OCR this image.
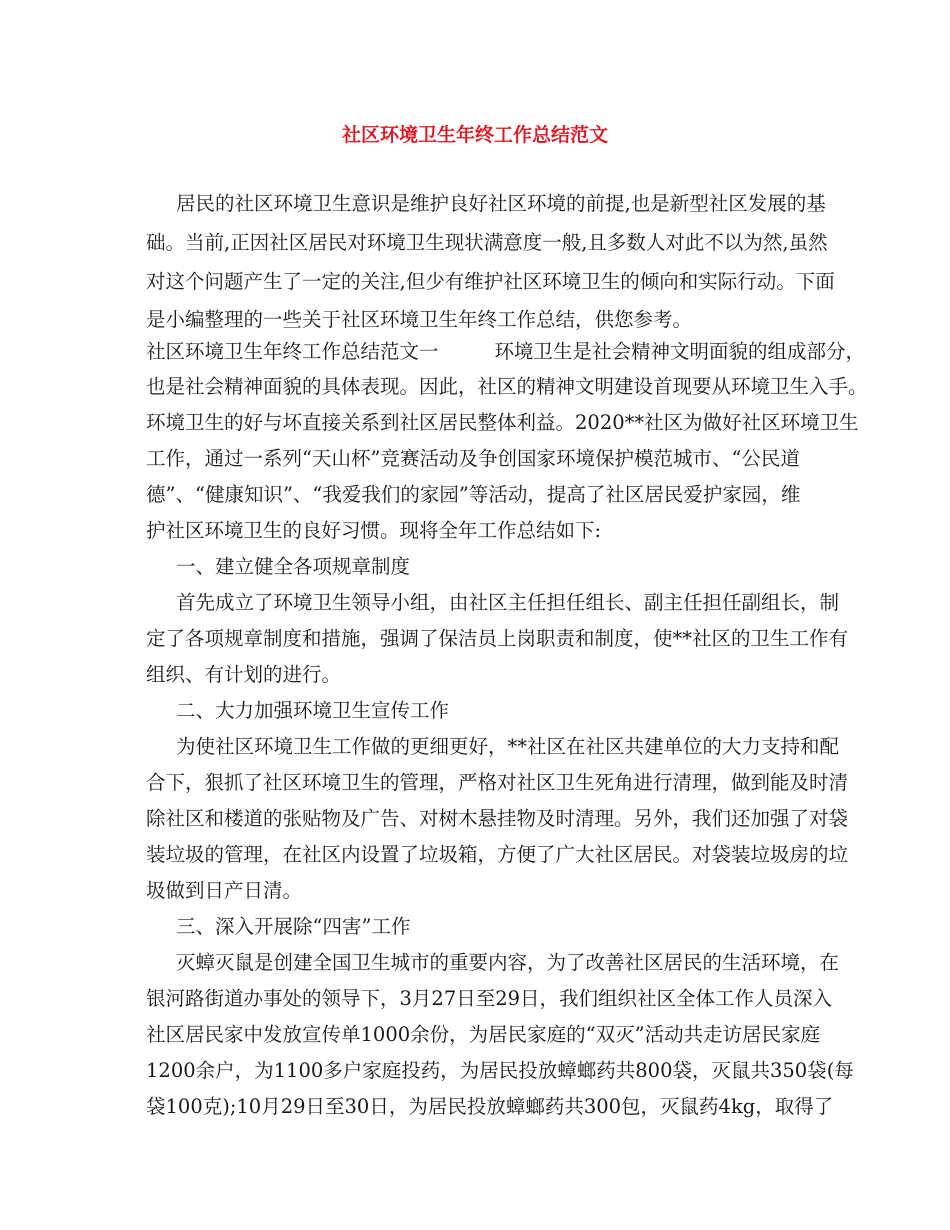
社区环境卫生年终工作总结范文

居民的社区环境卫生意识是维护良好社区环境的前提,也是新型社区发展的基

础。当前,正因社区居民对环境卫生现状满意度一般,且多数人对此不以为然,虽然

对这个问题产生了一定的关注,但少有维护社区环境卫生的倾向和实际行动。下面

是小编整理的一些关于社区环境卫生年终工作总结，供您参考。

社区环境卫生年终工作总结范文一	环境卫生是社会精神文明面貌的组成部分，

也是社会精神面貌的具体表现。因此，社区的精神文明建设首现要从环境卫生入手。

环境卫生的好与坏直接关系到社区居民整体利益。2020**社区为做好社区环境卫生

工作，通过一系列“天山杯”竞赛活动及争创国家环境保护模范城市、“公民道

德”、“健康知识”、“我爱我们的家园”等活动，提高了社区居民爱护家园，维

护社区环境卫生的良好习惯。现将全年工作总结如下:

一、建立健全各项规章制度

首先成立了环境卫生领导小组，由社区主任担任组长、副主任担任副组长，制

定了各项规章制度和措施，强调了保洁员上岗职责和制度，使**社区的卫生工作有

组织、有计划的进行。

二、大力加强环境卫生宣传工作

为使社区环境卫生工作做的更细更好，**社区在社区共建单位的大力支持和配

合下，狠抓了社区环境卫生的管理，严格对社区卫生死角进行清理，做到能及时清

除社区和楼道的张贴物及广告、对树木悬挂物及时清理。另外，我们还加强了对袋

装垃圾的管理，在社区内设置了垃圾箱，方便了广大社区居民。对袋装垃圾房的垃

圾做到日产日清。

三、深入开展除“四害”工作

灭蟑灭鼠是创建全国卫生城市的重要内容，为了改善社区居民的生活环境，在

银河路街道办事处的领导下，3月27日至29日，我们组织社区全体工作人员深入

社区居民家中发放宣传单1000余份，为居民家庭的“双灭”活动共走访居民家庭

1200余户，为1100多户家庭投药，为居民投放蟑螂药共800袋，灭鼠共350袋(每

袋100克);10月29日至30日，为居民投放蟑螂药共300包，灭鼠药4kg，取得了
